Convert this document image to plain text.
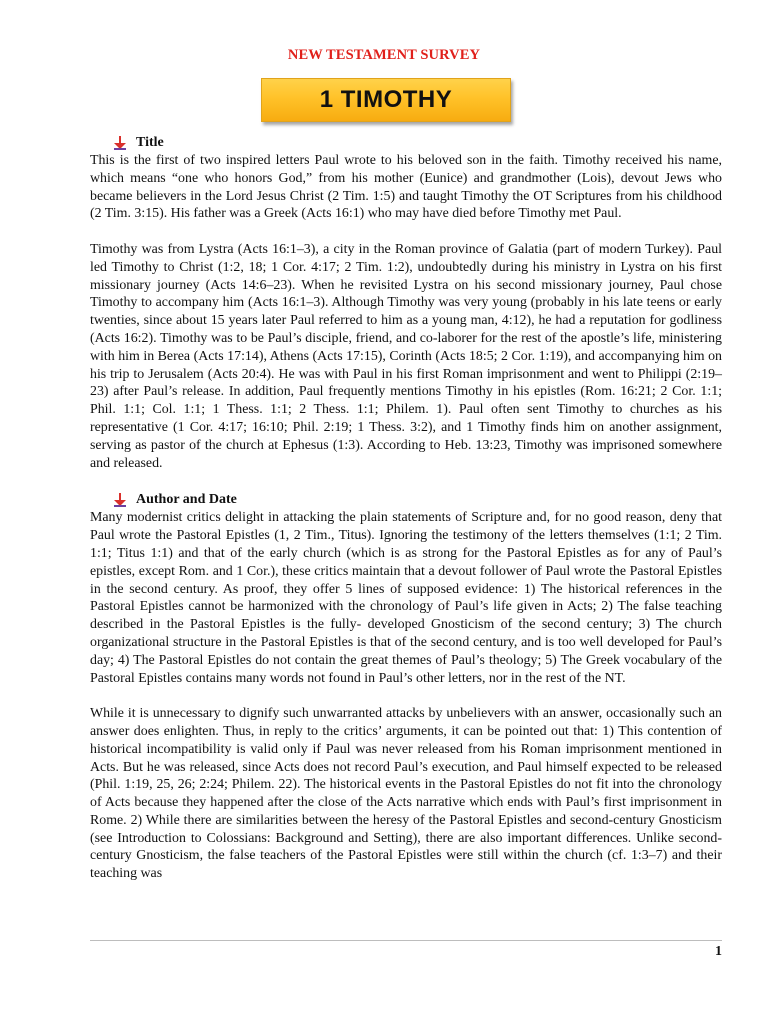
NEW TESTAMENT SURVEY
1 TIMOTHY
Title

This is the first of two inspired letters Paul wrote to his beloved son in the faith. Timothy received his name, which means “one who honors God,” from his mother (Eunice) and grandmother (Lois), devout Jews who became believers in the Lord Jesus Christ (2 Tim. 1:5) and taught Timothy the OT Scriptures from his childhood (2 Tim. 3:15). His father was a Greek (Acts 16:1) who may have died before Timothy met Paul.

Timothy was from Lystra (Acts 16:1–3), a city in the Roman province of Galatia (part of modern Turkey). Paul led Timothy to Christ (1:2, 18; 1 Cor. 4:17; 2 Tim. 1:2), undoubtedly during his ministry in Lystra on his first missionary journey (Acts 14:6–23). When he revisited Lystra on his second missionary journey, Paul chose Timothy to accompany him (Acts 16:1–3). Although Timothy was very young (probably in his late teens or early twenties, since about 15 years later Paul referred to him as a young man, 4:12), he had a reputation for godliness (Acts 16:2). Timothy was to be Paul’s disciple, friend, and co-laborer for the rest of the apostle’s life, ministering with him in Berea (Acts 17:14), Athens (Acts 17:15), Corinth (Acts 18:5; 2 Cor. 1:19), and accompanying him on his trip to Jerusalem (Acts 20:4). He was with Paul in his first Roman imprisonment and went to Philippi (2:19–23) after Paul’s release. In addition, Paul frequently mentions Timothy in his epistles (Rom. 16:21; 2 Cor. 1:1; Phil. 1:1; Col. 1:1; 1 Thess. 1:1; 2 Thess. 1:1; Philem. 1). Paul often sent Timothy to churches as his representative (1 Cor. 4:17; 16:10; Phil. 2:19; 1 Thess. 3:2), and 1 Timothy finds him on another assignment, serving as pastor of the church at Ephesus (1:3). According to Heb. 13:23, Timothy was imprisoned somewhere and released.

Author and Date

Many modernist critics delight in attacking the plain statements of Scripture and, for no good reason, deny that Paul wrote the Pastoral Epistles (1, 2 Tim., Titus). Ignoring the testimony of the letters themselves (1:1; 2 Tim. 1:1; Titus 1:1) and that of the early church (which is as strong for the Pastoral Epistles as for any of Paul’s epistles, except Rom. and 1 Cor.), these critics maintain that a devout follower of Paul wrote the Pastoral Epistles in the second century. As proof, they offer 5 lines of supposed evidence: 1) The historical references in the Pastoral Epistles cannot be harmonized with the chronology of Paul’s life given in Acts; 2) The false teaching described in the Pastoral Epistles is the fully- developed Gnosticism of the second century; 3) The church organizational structure in the Pastoral Epistles is that of the second century, and is too well developed for Paul’s day; 4) The Pastoral Epistles do not contain the great themes of Paul’s theology; 5) The Greek vocabulary of the Pastoral Epistles contains many words not found in Paul’s other letters, nor in the rest of the NT.

While it is unnecessary to dignify such unwarranted attacks by unbelievers with an answer, occasionally such an answer does enlighten. Thus, in reply to the critics’ arguments, it can be pointed out that: 1) This contention of historical incompatibility is valid only if Paul was never released from his Roman imprisonment mentioned in Acts. But he was released, since Acts does not record Paul’s execution, and Paul himself expected to be released (Phil. 1:19, 25, 26; 2:24; Philem. 22). The historical events in the Pastoral Epistles do not fit into the chronology of Acts because they happened after the close of the Acts narrative which ends with Paul’s first imprisonment in Rome. 2) While there are similarities between the heresy of the Pastoral Epistles and second-century Gnosticism (see Introduction to Colossians: Background and Setting), there are also important differences. Unlike second-century Gnosticism, the false teachers of the Pastoral Epistles were still within the church (cf. 1:3–7) and their teaching was

1
